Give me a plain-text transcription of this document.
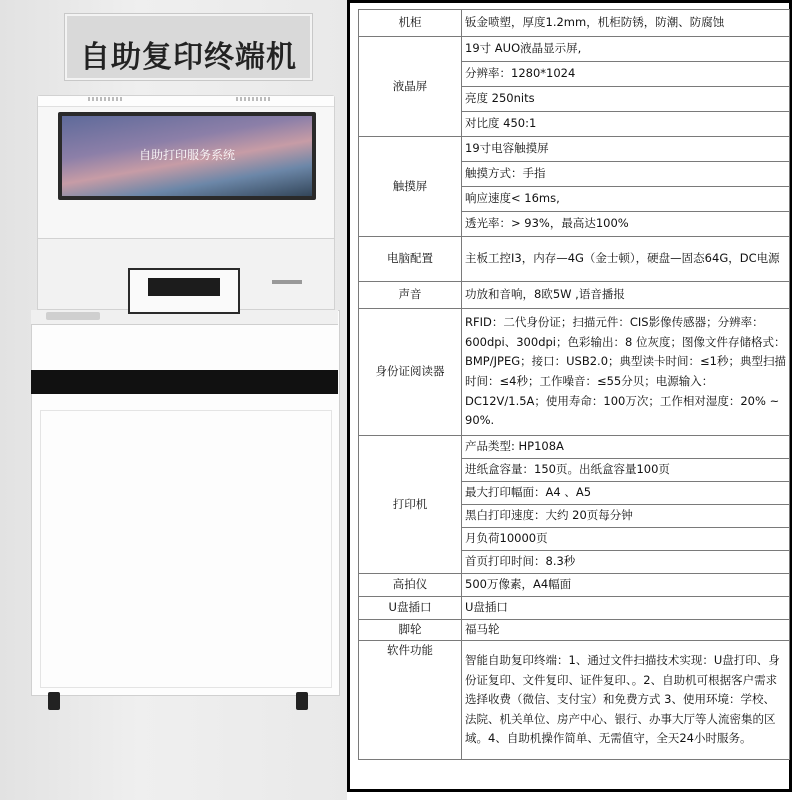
自助复印终端机
自助打印服务系统
机柜	钣金喷塑，厚度1.2mm，机柜防锈，防潮、防腐蚀
液晶屏	19寸 AUO液晶显示屏,
	分辨率：1280*1024
	亮度 250nits
	对比度 450:1
触摸屏	19寸电容触摸屏
	触摸方式：手指
	响应速度< 16ms,
	透光率：> 93%，最高达100%
电脑配置	主板工控I3，内存—4G（金士顿），硬盘—固态64G，DC电源
声音	功放和音响，8欧5W ,语音播报
身份证阅读器	RFID：二代身份证；扫描元件：CIS影像传感器；分辨率：600dpi、300dpi；色彩输出：8 位灰度；图像文件存储格式：BMP/JPEG；接口：USB2.0；典型读卡时间：≤1秒；典型扫描时间：≤4秒；工作噪音：≤55分贝；电源输入：DC12V/1.5A；使用寿命：100万次；工作相对湿度：20% ~ 90%.
打印机	产品类型: HP108A
	进纸盒容量：150页。出纸盒容量100页
	最大打印幅面：A4 、A5
	黑白打印速度：大约 20页每分钟
	月负荷10000页
	首页打印时间：8.3秒
高拍仪	500万像素，A4幅面
U盘插口	U盘插口
脚轮	福马轮
软件功能	智能自助复印终端：1、通过文件扫描技术实现：U盘打印、身份证复印、文件复印、证件复印、。2、自助机可根据客户需求选择收费（微信、支付宝）和免费方式 3、使用环境：学校、法院、机关单位、房产中心、银行、办事大厅等人流密集的区域。4、自助机操作简单、无需值守，全天24小时服务。
